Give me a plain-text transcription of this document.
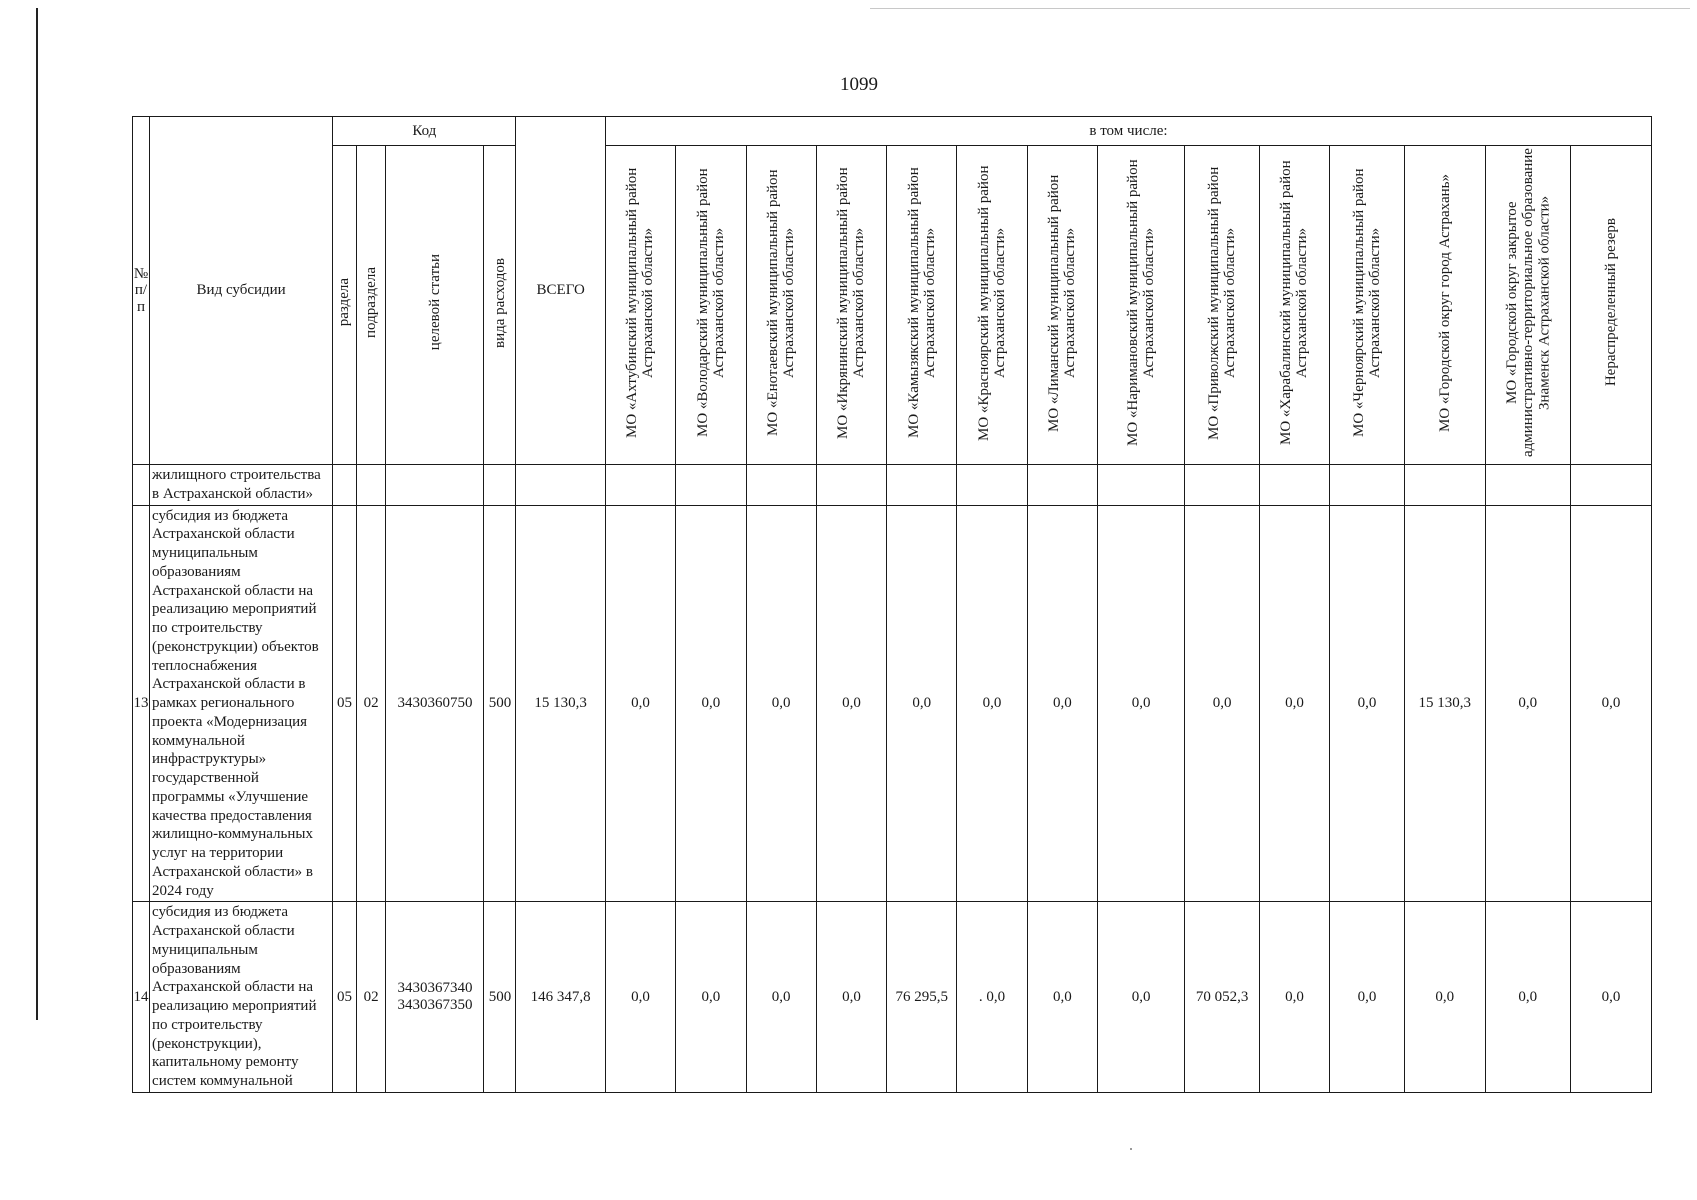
1099
№ п/п	Вид субсидии	Код				ВСЕГО	в том числе:													
		раздела	подраздела	целевой статьи	вида расходов		МО «Ахтубинский муниципальный район Астраханской области»	МО «Володарский муниципальный район Астраханской области»	МО «Енотаевский муниципальный район Астраханской области»	МО «Икрянинский муниципальный район Астраханской области»	МО «Камызякский муниципальный район Астраханской области»	МО «Красноярский муниципальный район Астраханской области»	МО «Лиманский муниципальный район Астраханской области»	МО «Наримановский муниципальный район Астраханской области»	МО «Приволжский муниципальный район Астраханской области»	МО «Харабалинский муниципальный район Астраханской области»	МО «Черноярский муниципальный район Астраханской области»	МО «Городской округ город Астрахань»	МО «Городской округ закрытое административно-территориальное образование Знаменск Астраханской области»	Нераспределенный резерв
	жилищного строительства в Астраханской области»																			
13	субсидия из бюджета Астраханской области муниципальным образованиям Астраханской области на реализацию мероприятий по строительству (реконструкции) объектов теплоснабжения Астраханской области в рамках регионального проекта «Модернизация коммунальной инфраструктуры» государственной программы «Улучшение качества предоставления жилищно-коммунальных услуг на территории Астраханской области» в 2024 году	05	02	3430360750	500	15 130,3	0,0	0,0	0,0	0,0	0,0	0,0	0,0	0,0	0,0	0,0	0,0	15 130,3	0,0	0,0
14	субсидия из бюджета Астраханской области муниципальным образованиям Астраханской области на реализацию мероприятий по строительству (реконструкции), капитальному ремонту систем коммунальной	05	02	3430367340 3430367350	500	146 347,8	0,0	0,0	0,0	0,0	76 295,5	. 0,0	0,0	0,0	70 052,3	0,0	0,0	0,0	0,0	0,0
